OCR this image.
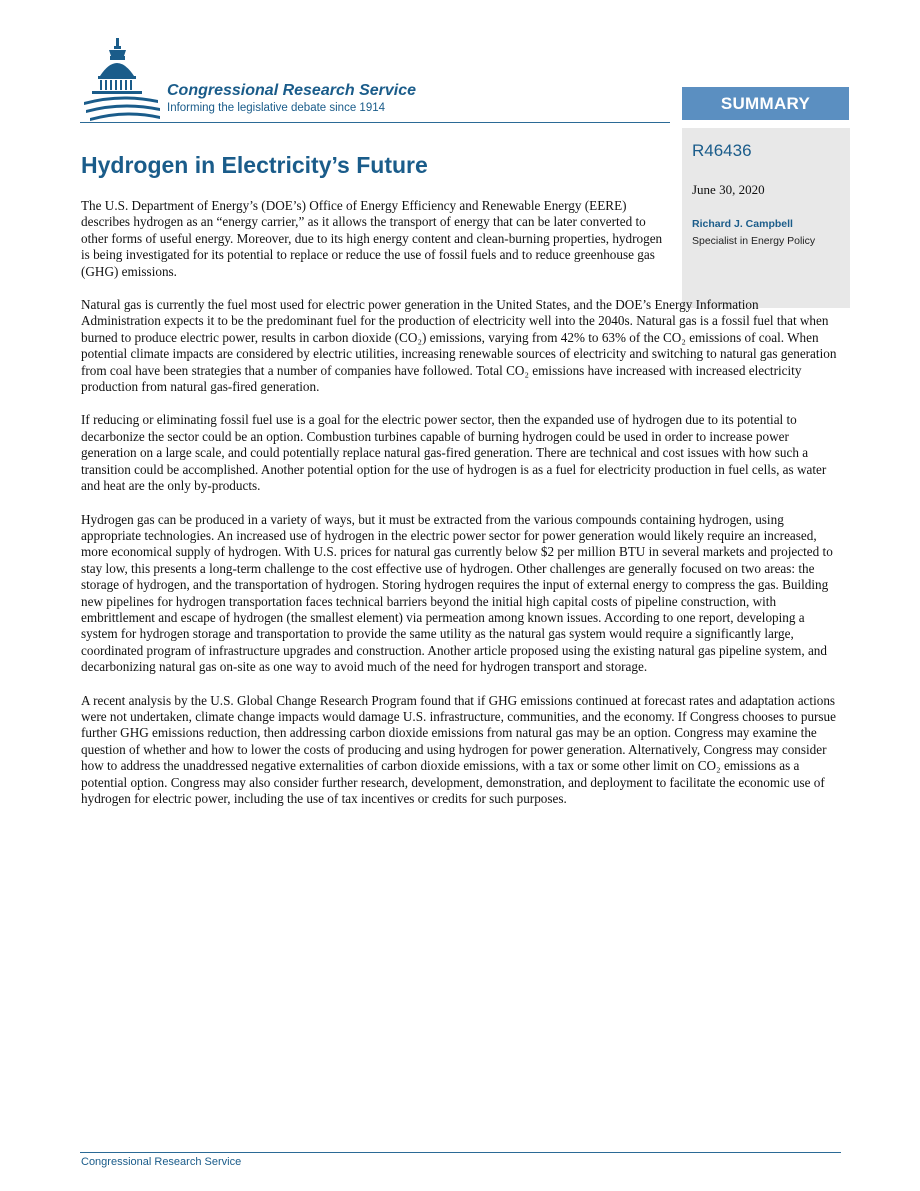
Congressional Research Service

Informing the legislative debate since 1914	SUMMARY
R46436
June 30, 2020
Richard J. Campbell
Specialist in Energy Policy
Hydrogen in Electricity’s Future

The U.S. Department of Energy’s (DOE’s) Office of Energy Efficiency and Renewable Energy (EERE) describes hydrogen as an “energy carrier,” as it allows the transport of energy that can be later converted to other forms of useful energy. Moreover, due to its high energy content and clean-burning properties, hydrogen is being investigated for its potential to replace or reduce the use of fossil fuels and to reduce greenhouse gas (GHG) emissions.

Natural gas is currently the fuel most used for electric power generation in the United States, and the DOE’s Energy Information Administration expects it to be the predominant fuel for the production of electricity well into the 2040s. Natural gas is a fossil fuel that when burned to produce electric power, results in carbon dioxide (CO₂) emissions, varying from 42% to 63% of the CO₂ emissions of coal. When potential climate impacts are considered by electric utilities, increasing renewable sources of electricity and switching to natural gas generation from coal have been strategies that a number of companies have followed. Total CO₂ emissions have increased with increased electricity production from natural gas-fired generation.

If reducing or eliminating fossil fuel use is a goal for the electric power sector, then the expanded use of hydrogen due to its potential to decarbonize the sector could be an option. Combustion turbines capable of burning hydrogen could be used in order to increase power generation on a large scale, and could potentially replace natural gas-fired generation. There are technical and cost issues with how such a transition could be accomplished. Another potential option for the use of hydrogen is as a fuel for electricity production in fuel cells, as water and heat are the only by-products.

Hydrogen gas can be produced in a variety of ways, but it must be extracted from the various compounds containing hydrogen, using appropriate technologies. An increased use of hydrogen in the electric power sector for power generation would likely require an increased, more economical supply of hydrogen. With U.S. prices for natural gas currently below $2 per million BTU in several markets and projected to stay low, this presents a long-term challenge to the cost effective use of hydrogen. Other challenges are generally focused on two areas: the storage of hydrogen, and the transportation of hydrogen. Storing hydrogen requires the input of external energy to compress the gas. Building new pipelines for hydrogen transportation faces technical barriers beyond the initial high capital costs of pipeline construction, with embrittlement and escape of hydrogen (the smallest element) via permeation among known issues. According to one report, developing a system for hydrogen storage and transportation to provide the same utility as the natural gas system would require a significantly large, coordinated program of infrastructure upgrades and construction. Another article proposed using the existing natural gas pipeline system, and decarbonizing natural gas on-site as one way to avoid much of the need for hydrogen transport and storage.

A recent analysis by the U.S. Global Change Research Program found that if GHG emissions continued at forecast rates and adaptation actions were not undertaken, climate change impacts would damage U.S. infrastructure, communities, and the economy. If Congress chooses to pursue further GHG emissions reduction, then addressing carbon dioxide emissions from natural gas may be an option. Congress may examine the question of whether and how to lower the costs of producing and using hydrogen for power generation. Alternatively, Congress may consider how to address the unaddressed negative externalities of carbon dioxide emissions, with a tax or some other limit on CO₂ emissions as a potential option. Congress may also consider further research, development, demonstration, and deployment to facilitate the economic use of hydrogen for electric power, including the use of tax incentives or credits for such purposes.

Congressional Research Service
